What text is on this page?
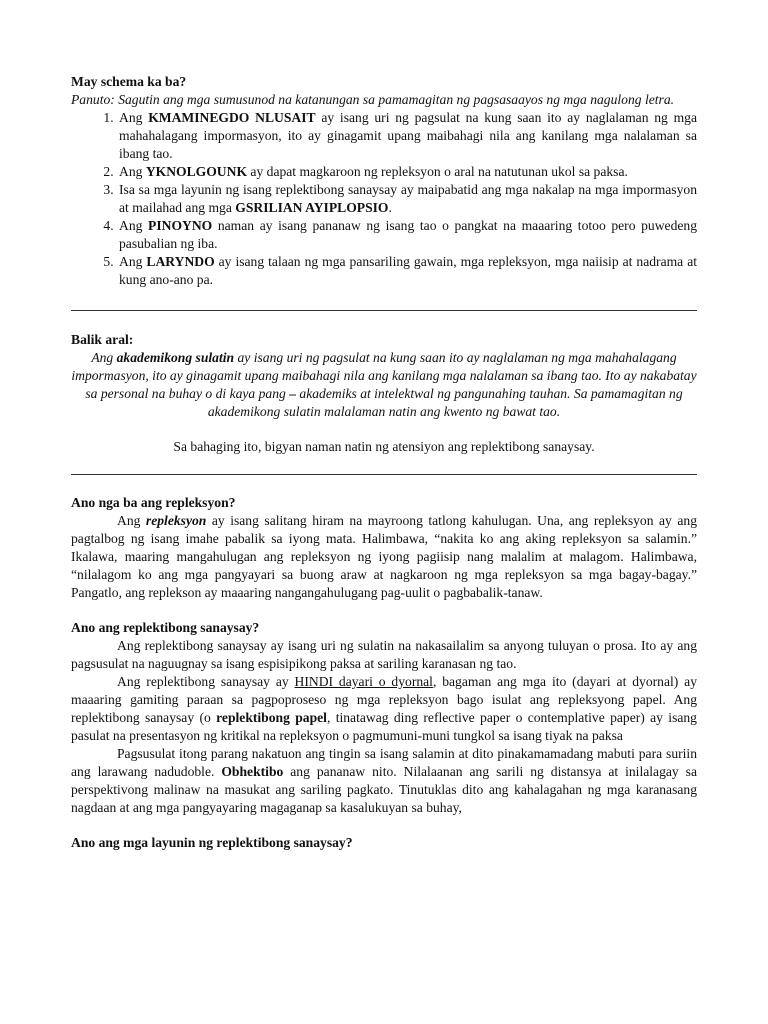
May schema ka ba?
Panuto: Sagutin ang mga sumusunod na katanungan sa pamamagitan ng pagsasaayos ng mga nagulong letra.
1. Ang KMAMINEGDO NLUSAIT ay isang uri ng pagsulat na kung saan ito ay naglalaman ng mga mahahalagang impormasyon, ito ay ginagamit upang maibahagi nila ang kanilang mga nalalaman sa ibang tao.
2. Ang YKNOLGOUNK ay dapat magkaroon ng repleksyon o aral na natutunan ukol sa paksa.
3. Isa sa mga layunin ng isang replektibong sanaysay ay maipabatid ang mga nakalap na mga impormasyon at mailahad ang mga GSRILIAN AYIPLOPSIO.
4. Ang PINOYNO naman ay isang pananaw ng isang tao o pangkat na maaaring totoo pero puwedeng pasubalian ng iba.
5. Ang LARYNDO ay isang talaan ng mga pansariling gawain, mga repleksyon, mga naiisip at nadrama at kung ano-ano pa.
Balik aral:
Ang akademikong sulatin ay isang uri ng pagsulat na kung saan ito ay naglalaman ng mga mahahalagang impormasyon, ito ay ginagamit upang maibahagi nila ang kanilang mga nalalaman sa ibang tao. Ito ay nakabatay sa personal na buhay o di kaya pang – akademiks at intelektwal ng pangunahing tauhan. Sa pamamagitan ng akademikong sulatin malalaman natin ang kwento ng bawat tao.
Sa bahaging ito, bigyan naman natin ng atensiyon ang replektibong sanaysay.
Ano nga ba ang repleksyon?
Ang repleksyon ay isang salitang hiram na mayroong tatlong kahulugan. Una, ang repleksyon ay ang pagtalbog ng isang imahe pabalik sa iyong mata. Halimbawa, “nakita ko ang aking repleksyon sa salamin.” Ikalawa, maaring mangahulugan ang repleksyon ng iyong pagiisip nang malalim at malagom. Halimbawa, “nilalagom ko ang mga pangyayari sa buong araw at nagkaroon ng mga repleksyon sa mga bagay-bagay.” Pangatlo, ang replekson ay maaaring nangangahulugang pag-uulit o pagbabalik-tanaw.
Ano ang replektibong sanaysay?
Ang replektibong sanaysay ay isang uri ng sulatin na nakasailalim sa anyong tuluyan o prosa. Ito ay ang pagsusulat na naguugnay sa isang espisipikong paksa at sariling karanasan ng tao.
Ang replektibong sanaysay ay HINDI dayari o dyornal, bagaman ang mga ito (dayari at dyornal) ay maaaring gamiting paraan sa pagpoproseso ng mga repleksyon bago isulat ang repleksyong papel. Ang replektibong sanaysay (o replektibong papel, tinatawag ding reflective paper o contemplative paper) ay isang pasulat na presentasyon ng kritikal na repleksyon o pagmumuni-muni tungkol sa isang tiyak na paksa
Pagsusulat itong parang nakatuon ang tingin sa isang salamin at dito pinakamamadang mabuti para suriin ang larawang nadudoble. Obhektibo ang pananaw nito. Nilalaanan ang sarili ng distansya at inilalagay sa perspektivong malinaw na masukat ang sariling pagkato. Tinutuklas dito ang kahalagahan ng mga karanasang nagdaan at ang mga pangyayaring magaganap sa kasalukuyan sa buhay,
Ano ang mga layunin ng replektibong sanaysay?
